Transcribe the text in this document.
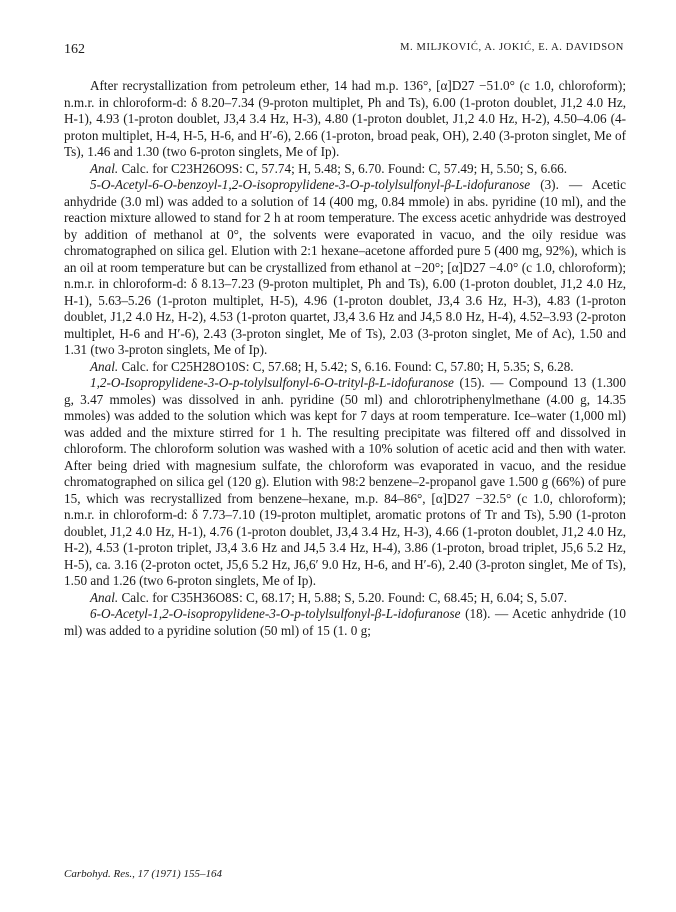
162	M. MILJKOVIĆ, A. JOKIĆ, E. A. DAVIDSON

After recrystallization from petroleum ether, 14 had m.p. 136°, [α]D27 −51.0° (c 1.0, chloroform); n.m.r. in chloroform-d: δ 8.20–7.34 (9-proton multiplet, Ph and Ts), 6.00 (1-proton doublet, J1,2 4.0 Hz, H-1), 4.93 (1-proton doublet, J3,4 3.4 Hz, H-3), 4.80 (1-proton doublet, J1,2 4.0 Hz, H-2), 4.50–4.06 (4-proton multiplet, H-4, H-5, H-6, and H′-6), 2.66 (1-proton, broad peak, OH), 2.40 (3-proton singlet, Me of Ts), 1.46 and 1.30 (two 6-proton singlets, Me of Ip).

Anal. Calc. for C23H26O9S: C, 57.74; H, 5.48; S, 6.70. Found: C, 57.49; H, 5.50; S, 6.66.

5-O-Acetyl-6-O-benzoyl-1,2-O-isopropylidene-3-O-p-tolylsulfonyl-β-L-idofuranose (3). — Acetic anhydride (3.0 ml) was added to a solution of 14 (400 mg, 0.84 mmole) in abs. pyridine (10 ml), and the reaction mixture allowed to stand for 2 h at room temperature. The excess acetic anhydride was destroyed by addition of methanol at 0°, the solvents were evaporated in vacuo, and the oily residue was chromatographed on silica gel. Elution with 2:1 hexane–acetone afforded pure 5 (400 mg, 92%), which is an oil at room temperature but can be crystallized from ethanol at −20°; [α]D27 −4.0° (c 1.0, chloroform); n.m.r. in chloroform-d: δ 8.13–7.23 (9-proton multiplet, Ph and Ts), 6.00 (1-proton doublet, J1,2 4.0 Hz, H-1), 5.63–5.26 (1-proton multiplet, H-5), 4.96 (1-proton doublet, J3,4 3.6 Hz, H-3), 4.83 (1-proton doublet, J1,2 4.0 Hz, H-2), 4.53 (1-proton quartet, J3,4 3.6 Hz and J4,5 8.0 Hz, H-4), 4.52–3.93 (2-proton multiplet, H-6 and H′-6), 2.43 (3-proton singlet, Me of Ts), 2.03 (3-proton singlet, Me of Ac), 1.50 and 1.31 (two 3-proton singlets, Me of Ip).

Anal. Calc. for C25H28O10S: C, 57.68; H, 5.42; S, 6.16. Found: C, 57.80; H, 5.35; S, 6.28.

1,2-O-Isopropylidene-3-O-p-tolylsulfonyl-6-O-trityl-β-L-idofuranose (15). — Compound 13 (1.300 g, 3.47 mmoles) was dissolved in anh. pyridine (50 ml) and chlorotriphenylmethane (4.00 g, 14.35 mmoles) was added to the solution which was kept for 7 days at room temperature. Ice–water (1,000 ml) was added and the mixture stirred for 1 h. The resulting precipitate was filtered off and dissolved in chloroform. The chloroform solution was washed with a 10% solution of acetic acid and then with water. After being dried with magnesium sulfate, the chloroform was evaporated in vacuo, and the residue chromatographed on silica gel (120 g). Elution with 98:2 benzene–2-propanol gave 1.500 g (66%) of pure 15, which was recrystallized from benzene–hexane, m.p. 84–86°, [α]D27 −32.5° (c 1.0, chloroform); n.m.r. in chloroform-d: δ 7.73–7.10 (19-proton multiplet, aromatic protons of Tr and Ts), 5.90 (1-proton doublet, J1,2 4.0 Hz, H-1), 4.76 (1-proton doublet, J3,4 3.4 Hz, H-3), 4.66 (1-proton doublet, J1,2 4.0 Hz, H-2), 4.53 (1-proton triplet, J3,4 3.6 Hz and J4,5 3.4 Hz, H-4), 3.86 (1-proton, broad triplet, J5,6 5.2 Hz, H-5), ca. 3.16 (2-proton octet, J5,6 5.2 Hz, J6,6′ 9.0 Hz, H-6, and H′-6), 2.40 (3-proton singlet, Me of Ts), 1.50 and 1.26 (two 6-proton singlets, Me of Ip).

Anal. Calc. for C35H36O8S: C, 68.17; H, 5.88; S, 5.20. Found: C, 68.45; H, 6.04; S, 5.07.

6-O-Acetyl-1,2-O-isopropylidene-3-O-p-tolylsulfonyl-β-L-idofuranose (18). — Acetic anhydride (10 ml) was added to a pyridine solution (50 ml) of 15 (1. 0 g;

Carbohyd. Res., 17 (1971) 155–164
